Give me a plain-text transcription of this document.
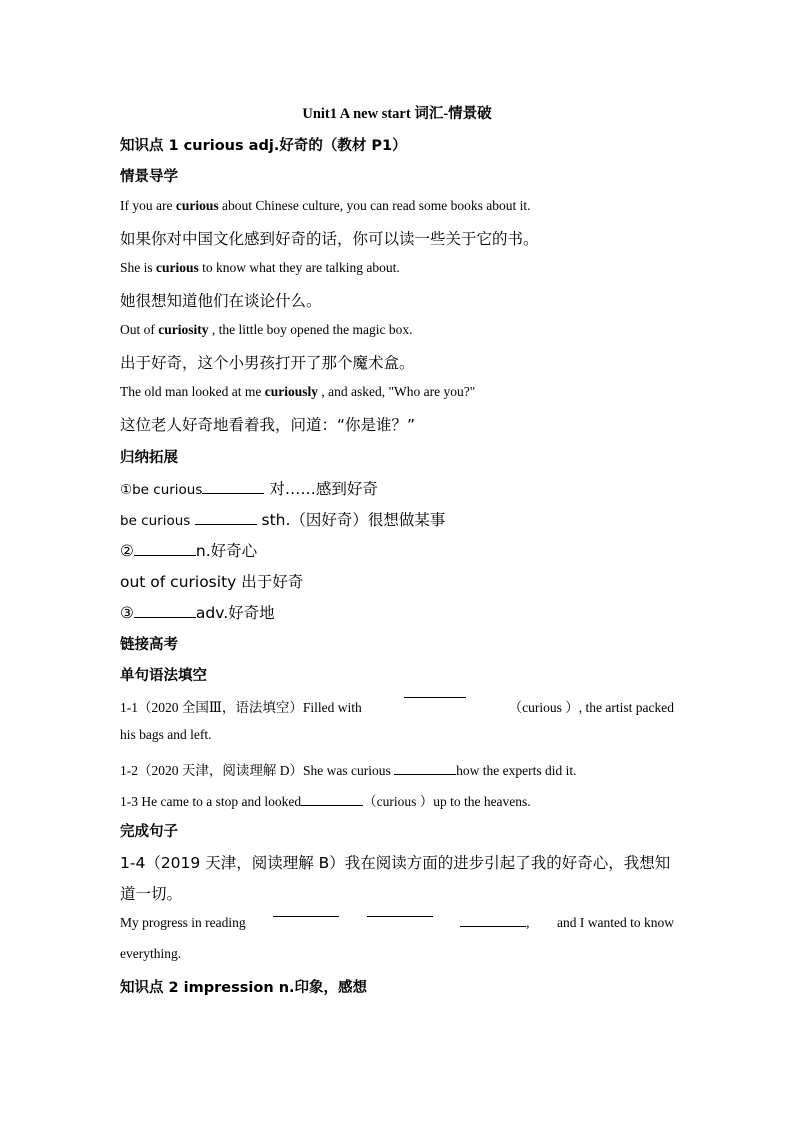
Unit1 A new start 词汇-情景破
知识点 1 curious adj.好奇的（教材 P1）
情景导学
If you are curious about Chinese culture, you can read some books about it.
如果你对中国文化感到好奇的话，你可以读一些关于它的书。
She is curious to know what they are talking about.
她很想知道他们在谈论什么。
Out of curiosity , the little boy opened the magic box.
出于好奇，这个小男孩打开了那个魔术盒。
The old man looked at me curiously , and asked, "Who are you?"
这位老人好奇地看着我，问道：“你是谁？”
归纳拓展
①be curious	对……感到好奇
be curious	sth.（因好奇）很想做某事
②	n.好奇心
out of curiosity 出于好奇
③	adv.好奇地
链接高考
单句语法填空
1-1（2020 全国Ⅲ，语法填空）Filled with	（curious ）, the artist packed
his bags and left.
1-2（2020 天津，阅读理解 D）She was curious	how the experts did it.
1-3 He came to a stop and looked	（curious ）up to the heavens.
完成句子
1-4（2019 天津，阅读理解 B）我在阅读方面的进步引起了我的好奇心，我想知
道一切。
My progress in reading	, and I wanted to know
everything.
知识点 2 impression n.印象，感想
